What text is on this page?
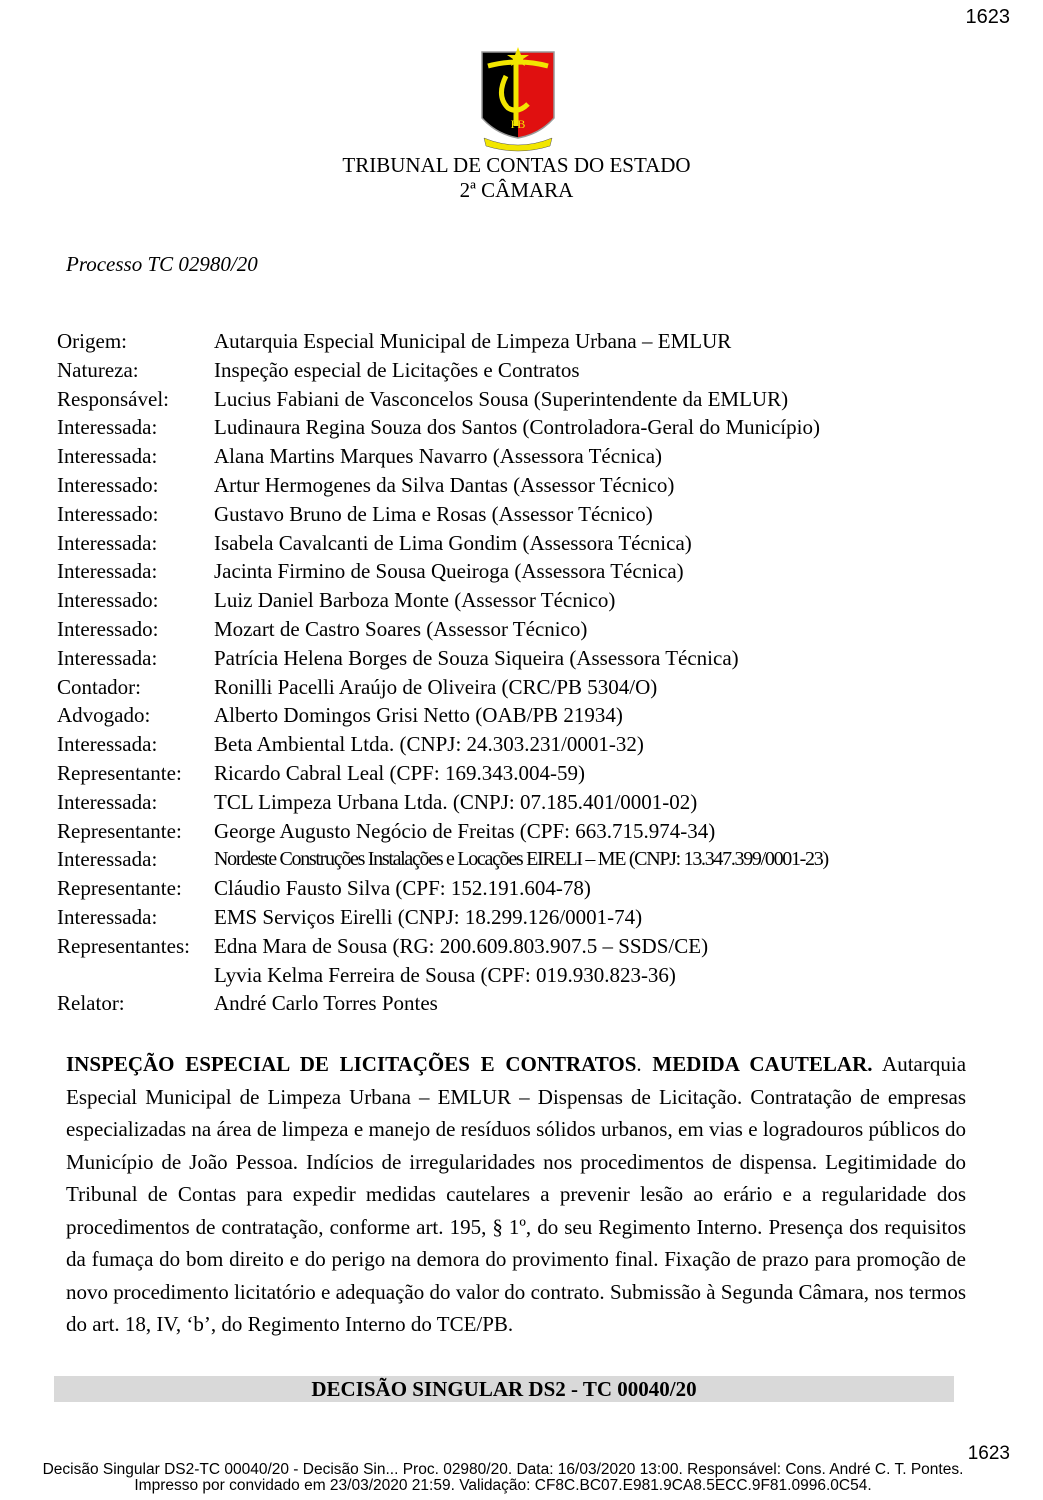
1623
PB
TRIBUNAL DE CONTAS DO ESTADO
2ª CÂMARA
Processo TC 02980/20
Origem:	Autarquia Especial Municipal de Limpeza Urbana – EMLUR
Natureza:	Inspeção especial de Licitações e Contratos
Responsável:	Lucius Fabiani de Vasconcelos Sousa (Superintendente da EMLUR)
Interessada:	Ludinaura Regina Souza dos Santos (Controladora-Geral do Município)
Interessada:	Alana Martins Marques Navarro (Assessora Técnica)
Interessado:	Artur Hermogenes da Silva Dantas (Assessor Técnico)
Interessado:	Gustavo Bruno de Lima e Rosas (Assessor Técnico)
Interessada:	Isabela Cavalcanti de Lima Gondim (Assessora Técnica)
Interessada:	Jacinta Firmino de Sousa Queiroga (Assessora Técnica)
Interessado:	Luiz Daniel Barboza Monte (Assessor Técnico)
Interessado:	Mozart de Castro Soares (Assessor Técnico)
Interessada:	Patrícia Helena Borges de Souza Siqueira (Assessora Técnica)
Contador:	Ronilli Pacelli Araújo de Oliveira (CRC/PB 5304/O)
Advogado:	Alberto Domingos Grisi Netto (OAB/PB 21934)
Interessada:	Beta Ambiental Ltda. (CNPJ: 24.303.231/0001-32)
Representante:	Ricardo Cabral Leal (CPF: 169.343.004-59)
Interessada:	TCL Limpeza Urbana Ltda. (CNPJ: 07.185.401/0001-02)
Representante:	George Augusto Negócio de Freitas (CPF: 663.715.974-34)
Interessada:	Nordeste Construções Instalações e Locações EIRELI – ME (CNPJ: 13.347.399/0001-23)
Representante:	Cláudio Fausto Silva (CPF: 152.191.604-78)
Interessada:	EMS Serviços Eirelli (CNPJ: 18.299.126/0001-74)
Representantes:	Edna Mara de Sousa (RG: 200.609.803.907.5 – SSDS/CE)
Lyvia Kelma Ferreira de Sousa (CPF: 019.930.823-36)
Relator:	André Carlo Torres Pontes
INSPEÇÃO ESPECIAL DE LICITAÇÕES E CONTRATOS. MEDIDA CAUTELAR. Autarquia Especial Municipal de Limpeza Urbana – EMLUR – Dispensas de Licitação. Contratação de empresas especializadas na área de limpeza e manejo de resíduos sólidos urbanos, em vias e logradouros públicos do Município de João Pessoa. Indícios de irregularidades nos procedimentos de dispensa. Legitimidade do Tribunal de Contas para expedir medidas cautelares a prevenir lesão ao erário e a regularidade dos procedimentos de contratação, conforme art. 195, § 1º, do seu Regimento Interno. Presença dos requisitos da fumaça do bom direito e do perigo na demora do provimento final. Fixação de prazo para promoção de novo procedimento licitatório e adequação do valor do contrato. Submissão à Segunda Câmara, nos termos do art. 18, IV, ‘b’, do Regimento Interno do TCE/PB.
DECISÃO SINGULAR DS2 - TC 00040/20
1623
Decisão Singular DS2-TC 00040/20 - Decisão Sin... Proc. 02980/20. Data: 16/03/2020 13:00. Responsável: Cons. André C. T. Pontes.
Impresso por convidado em 23/03/2020 21:59. Validação: CF8C.BC07.E981.9CA8.5ECC.9F81.0996.0C54.
